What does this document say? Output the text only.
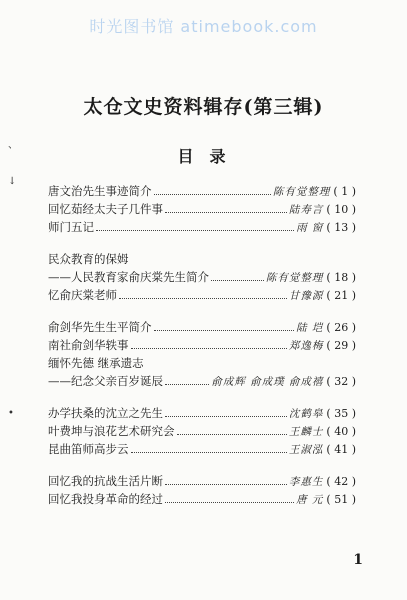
时光图书馆 atimebook.com
、
↓
•
太仓文史资料辑存(第三辑)
目录
唐文治先生事迹简介	陈有觉整理 ( 1 )
回忆茹经太夫子几件事	陆寿言 ( 10 )
师门五记	雨 窗 ( 13 )
民众教育的保姆
——人民教育家俞庆棠先生简介	陈有觉整理 ( 18 )
忆俞庆棠老师	甘豫源 ( 21 )
俞剑华先生生平简介	陆 垲 ( 26 )
南社俞剑华轶事	郑逸梅 ( 29 )
缅怀先德 继承遗志
——纪念父亲百岁诞辰	俞成辉 俞成璞 俞成禧 ( 32 )
办学扶桑的沈立之先生	沈鹤皋 ( 35 )
叶费坤与浪花艺术研究会	王麟士 ( 40 )
昆曲笛师高步云	王淑泓 ( 41 )
回忆我的抗战生活片断	李惠生 ( 42 )
回忆我投身革命的经过	唐 元 ( 51 )
1
